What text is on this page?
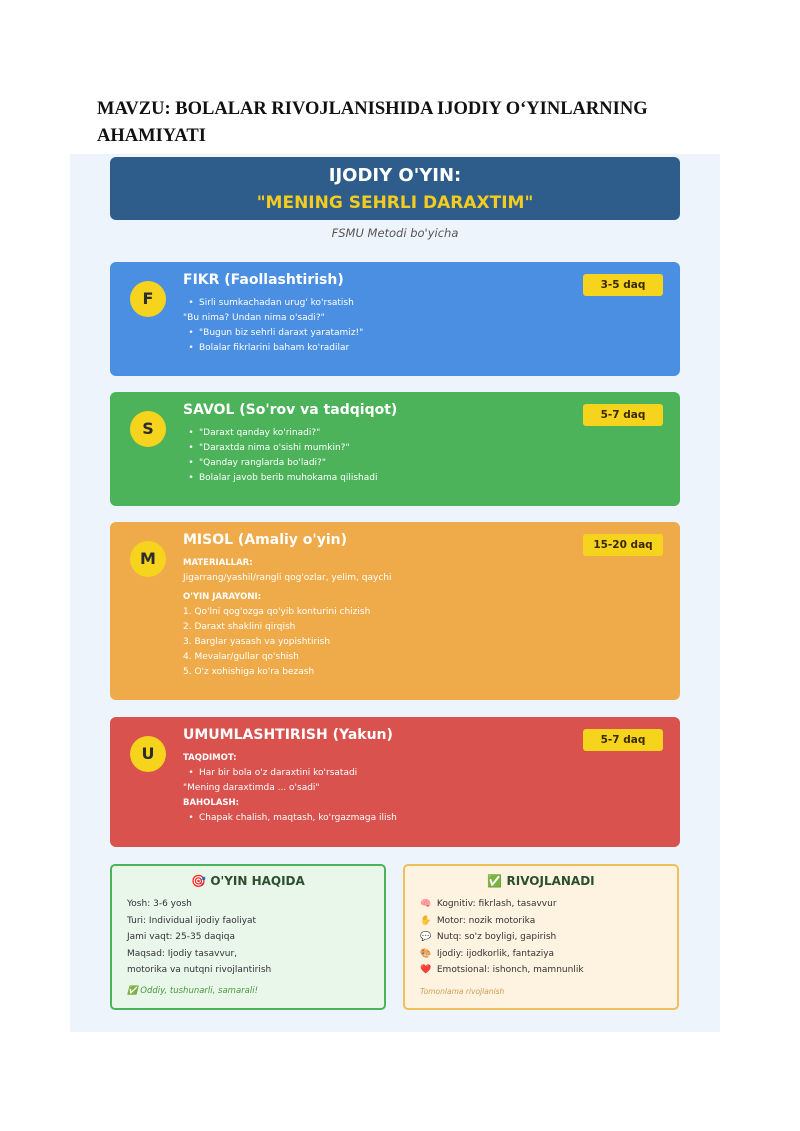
MAVZU: BOLALAR RIVOJLANISHIDA IJODIY O‘YINLARNING AHAMIYATI
IJODIY O'YIN:
"MENING SEHRLI DARAXTIM"
FSMU Metodi bo'yicha
F
FIKR (Faollashtirish)	3-5 daq
• Sirli sumkachadan urug' ko'rsatish
"Bu nima? Undan nima o'sadi?"
• "Bugun biz sehrli daraxt yaratamiz!"
• Bolalar fikrlarini baham ko'radilar
S
SAVOL (So'rov va tadqiqot)	5-7 daq
• "Daraxt qanday ko'rinadi?"
• "Daraxtda nima o'sishi mumkin?"
• "Qanday ranglarda bo'ladi?"
• Bolalar javob berib muhokama qilishadi
M
MISOL (Amaliy o'yin)	15-20 daq
MATERIALLAR:
Jigarrang/yashil/rangli qog'ozlar, yelim, qaychi
O'YIN JARAYONI:
1. Qo'lni qog'ozga qo'yib konturini chizish
2. Daraxt shaklini qirqish
3. Barglar yasash va yopishtirish
4. Mevalar/gullar qo'shish
5. O'z xohishiga ko'ra bezash
U
UMUMLASHTIRISH (Yakun)	5-7 daq
TAQDIMOT:
• Har bir bola o'z daraxtini ko'rsatadi
"Mening daraxtimda ... o'sadi"
BAHOLASH:
• Chapak chalish, maqtash, ko'rgazmaga ilish
🎯 O'YIN HAQIDA
Yosh: 3-6 yosh
Turi: Individual ijodiy faoliyat
Jami vaqt: 25-35 daqiqa
Maqsad: Ijodiy tasavvur,
motorika va nutqni rivojlantirish
✅ Oddiy, tushunarli, samarali!
✅ RIVOJLANADI
🧠 Kognitiv: fikrlash, tasavvur
✋ Motor: nozik motorika
💬 Nutq: so'z boyligi, gapirish
🎨 Ijodiy: ijodkorlik, fantaziya
❤️ Emotsional: ishonch, mamnunlik
Tomonlama rivojlanish
